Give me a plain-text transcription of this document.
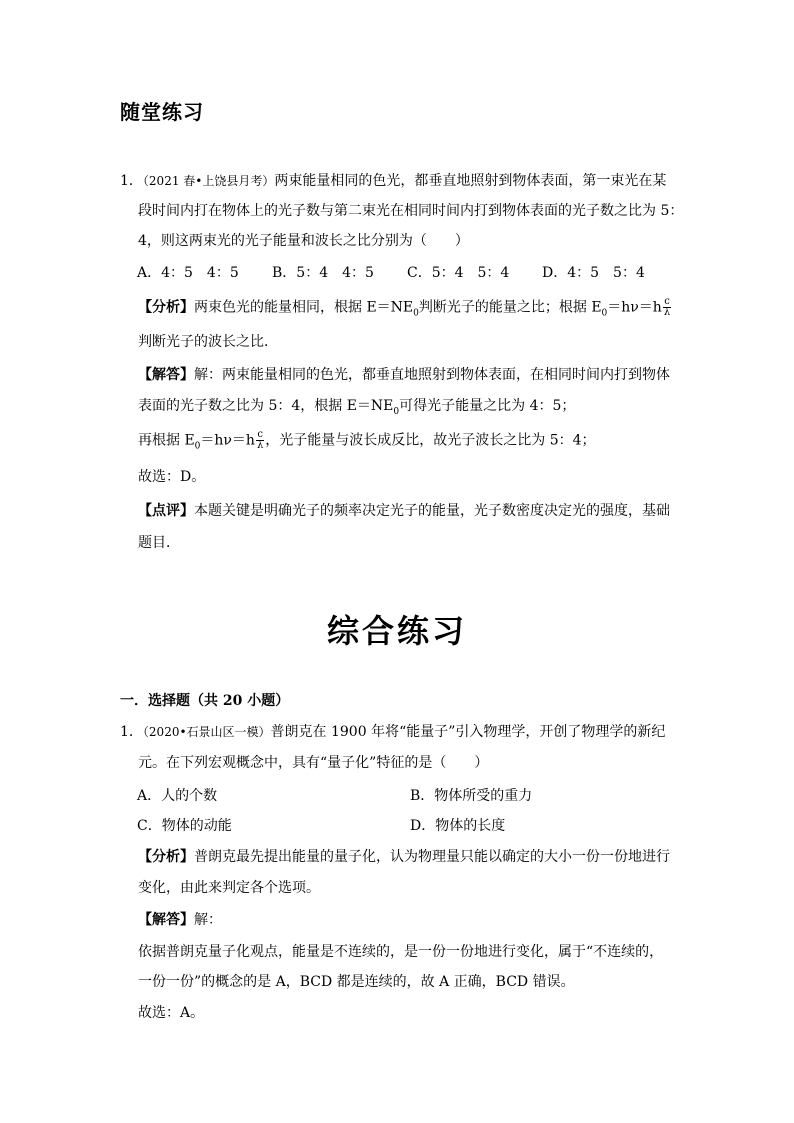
随堂练习
1．（2021 春•上饶县月考）两束能量相同的色光，都垂直地照射到物体表面，第一束光在某
段时间内打在物体上的光子数与第二束光在相同时间内打到物体表面的光子数之比为 5：
4，则这两束光的光子能量和波长之比分别为（　　）
A．4：5　4：5	B．5：4　4：5	C．5：4　5：4	D．4：5　5：4
【分析】两束色光的能量相同，根据 $E=NE_0$判断光子的能量之比；根据 $E_0=h\nu=h \frac{c}{\lambda}$
判断光子的波长之比．
【解答】解：两束能量相同的色光，都垂直地照射到物体表面，在相同时间内打到物体
表面的光子数之比为 5：4，根据 $E=NE_0$可得光子能量之比为 4：5；
再根据 $E_0=h\nu=h \frac{c}{\lambda}$ ，光子能量与波长成反比，故光子波长之比为 5：4；
故选：D。
【点评】本题关键是明确光子的频率决定光子的能量，光子数密度决定光的强度，基础
题目．
综合练习
一．选择题（共 20 小题）
1．（2020•石景山区一模）普朗克在 1900 年将“能量子”引入物理学，开创了物理学的新纪
元。在下列宏观概念中，具有“量子化”特征的是（　　）
A．人的个数	B．物体所受的重力
C．物体的动能	D．物体的长度
【分析】普朗克最先提出能量的量子化，认为物理量只能以确定的大小一份一份地进行
变化，由此来判定各个选项。
【解答】解：
依据普朗克量子化观点，能量是不连续的，是一份一份地进行变化，属于“不连续的，
一份一份”的概念的是 A，BCD 都是连续的，故 A 正确，BCD 错误。
故选：A。
